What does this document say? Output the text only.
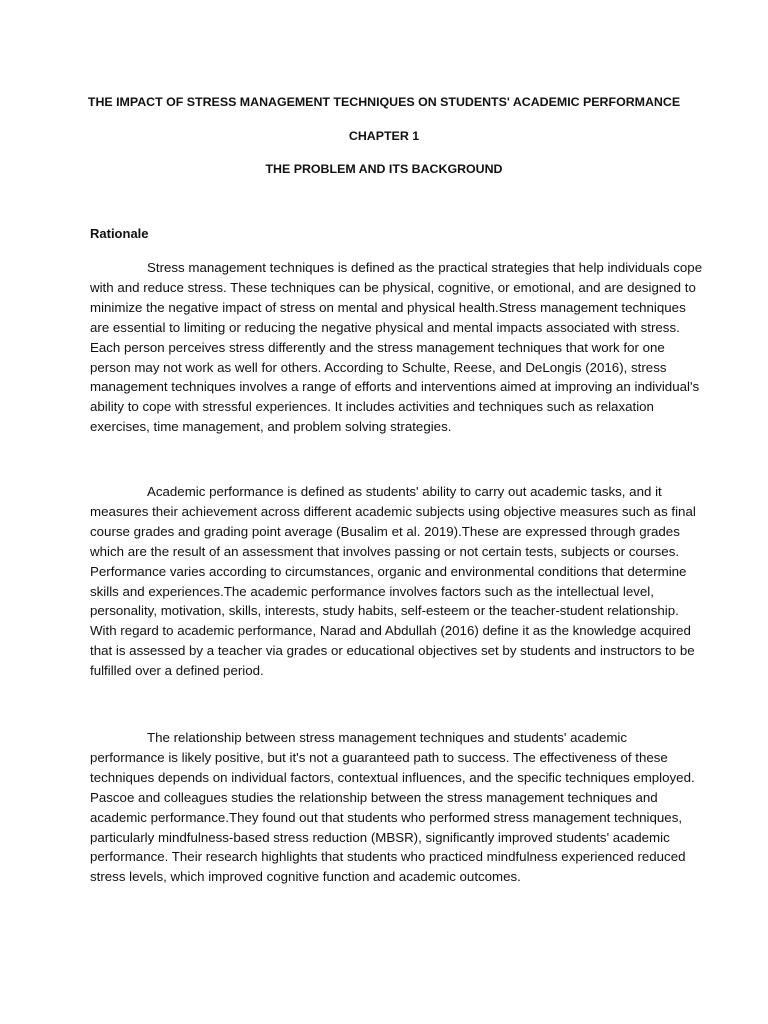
THE IMPACT OF STRESS MANAGEMENT TECHNIQUES ON STUDENTS' ACADEMIC PERFORMANCE
CHAPTER 1
THE PROBLEM AND ITS BACKGROUND
Rationale
Stress management techniques is defined as the practical strategies that help individuals cope
with and reduce stress. These techniques can be physical, cognitive, or emotional, and are designed to
minimize the negative impact of stress on mental and physical health.Stress management techniques
are essential to limiting or reducing the negative physical and mental impacts associated with stress.
Each person perceives stress differently and the stress management techniques that work for one
person may not work as well for others. According to Schulte, Reese, and DeLongis (2016), stress
management techniques involves a range of efforts and interventions aimed at improving an individual's
ability to cope with stressful experiences. It includes activities and techniques such as relaxation
exercises, time management, and problem solving strategies.
Academic performance is defined as students' ability to carry out academic tasks, and it
measures their achievement across different academic subjects using objective measures such as final
course grades and grading point average (Busalim et al. 2019).These are expressed through grades
which are the result of an assessment that involves passing or not certain tests, subjects or courses.
Performance varies according to circumstances, organic and environmental conditions that determine
skills and experiences.The academic performance involves factors such as the intellectual level,
personality, motivation, skills, interests, study habits, self-esteem or the teacher-student relationship.
With regard to academic performance, Narad and Abdullah (2016) define it as the knowledge acquired
that is assessed by a teacher via grades or educational objectives set by students and instructors to be
fulfilled over a defined period.
The relationship between stress management techniques and students' academic
performance is likely positive, but it's not a guaranteed path to success. The effectiveness of these
techniques depends on individual factors, contextual influences, and the specific techniques employed.
Pascoe and colleagues studies the relationship between the stress management techniques and
academic performance.They found out that students who performed stress management techniques,
particularly mindfulness-based stress reduction (MBSR), significantly improved students' academic
performance. Their research highlights that students who practiced mindfulness experienced reduced
stress levels, which improved cognitive function and academic outcomes.
